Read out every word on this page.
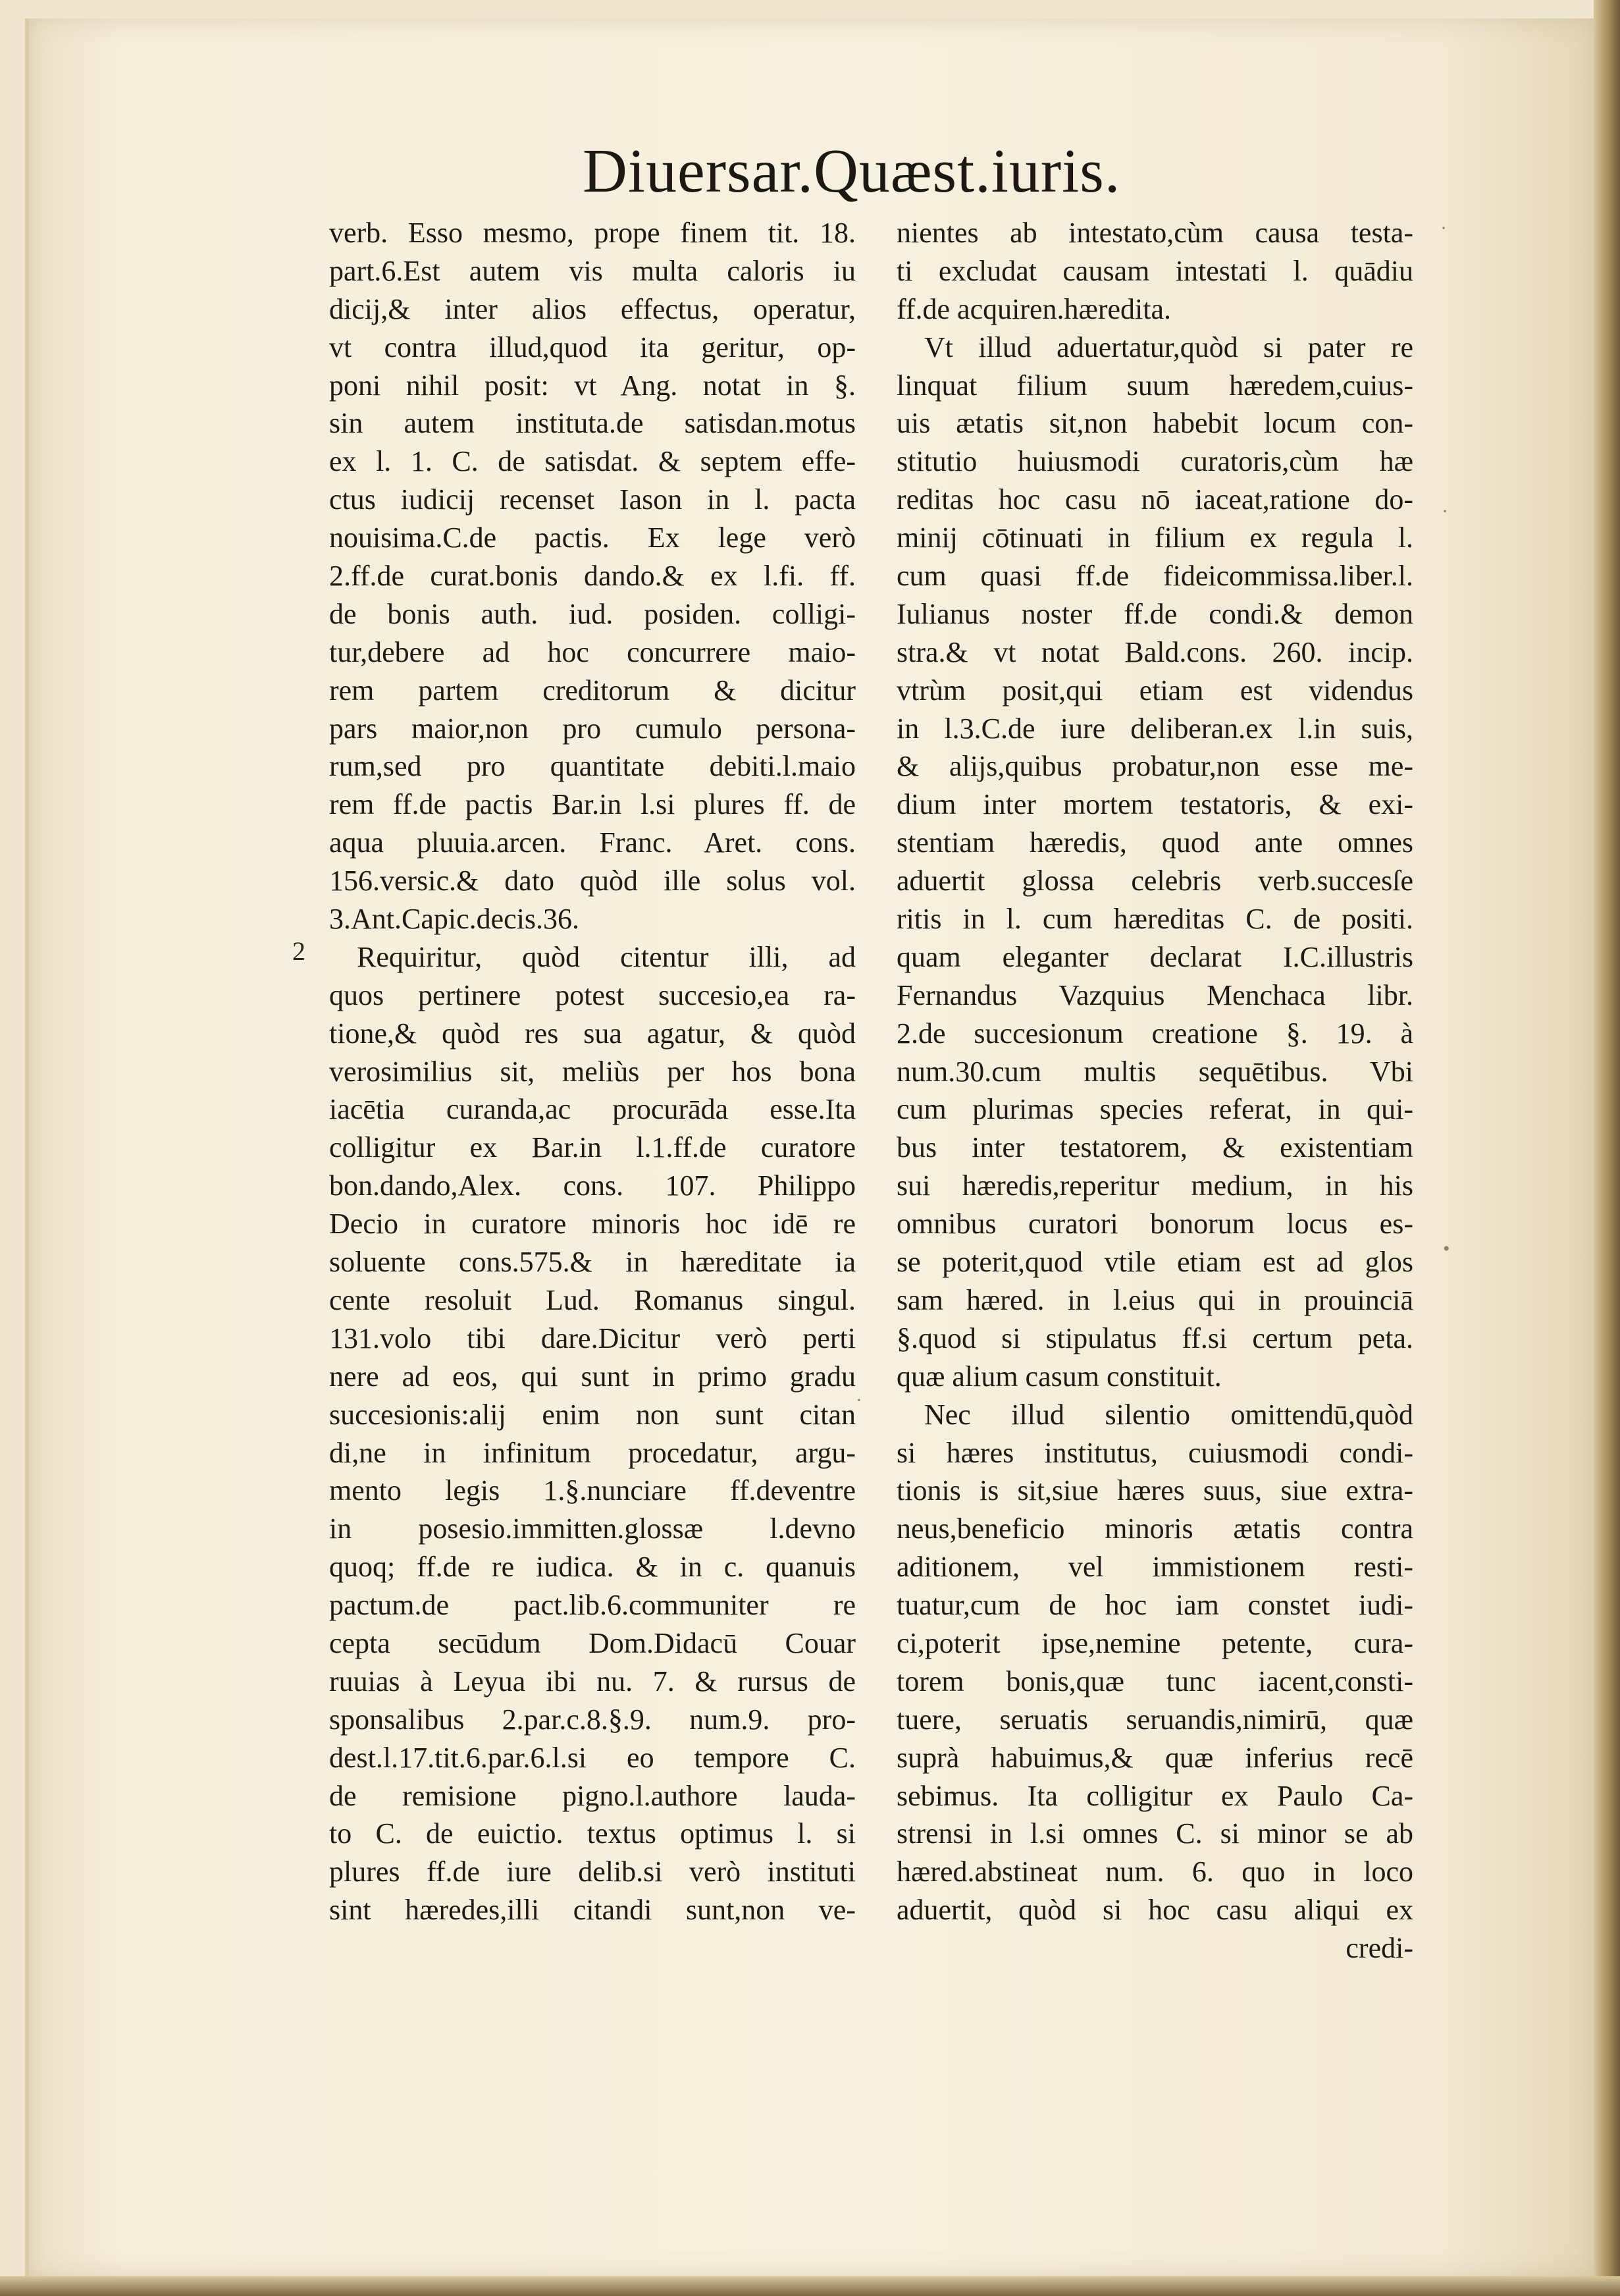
Diuersar.Quæst.iuris.
2
verb. Esso mesmo, prope finem tit. 18.
part.6.Est autem vis multa caloris iu
dicij,& inter alios effectus, operatur,
vt contra illud,quod ita geritur, op-
poni nihil posit: vt Ang. notat in §.
sin autem instituta.de satisdan.motus
ex l. 1. C. de satisdat. & septem effe-
ctus iudicij recenset Iason in l. pacta
nouisima.C.de pactis. Ex lege verò
2.ff.de curat.bonis dando.& ex l.fi. ff.
de bonis auth. iud. posiden. colligi-
tur,debere ad hoc concurrere maio-
rem partem creditorum & dicitur
pars maior,non pro cumulo persona-
rum,sed pro quantitate debiti.l.maio
rem ff.de pactis Bar.in l.si plures ff. de
aqua pluuia.arcen. Franc. Aret. cons.
156.versic.& dato quòd ille solus vol.
3.Ant.Capic.decis.36.
Requiritur, quòd citentur illi, ad
quos pertinere potest succesio,ea ra-
tione,& quòd res sua agatur, & quòd
verosimilius sit, meliùs per hos bona
iacētia curanda,ac procurāda esse.Ita
colligitur ex Bar.in l.1.ff.de curatore
bon.dando,Alex. cons. 107. Philippo
Decio in curatore minoris hoc idē re
soluente cons.575.& in hæreditate ia
cente resoluit Lud. Romanus singul.
131.volo tibi dare.Dicitur verò perti
nere ad eos, qui sunt in primo gradu
succesionis:alij enim non sunt citan
di,ne in infinitum procedatur, argu-
mento legis 1.§.nunciare ff.deventre
in posesio.immitten.glossæ l.devno
quoq; ff.de re iudica. & in c. quanuis
pactum.de pact.lib.6.communiter re
cepta secūdum Dom.Didacū Couar
ruuias à Leyua ibi nu. 7. & rursus de
sponsalibus 2.par.c.8.§.9. num.9. pro-
dest.l.17.tit.6.par.6.l.si eo tempore C.
de remisione pigno.l.authore lauda-
to C. de euictio. textus optimus l. si
plures ff.de iure delib.si verò instituti
sint hæredes,illi citandi sunt,non ve-
nientes ab intestato,cùm causa testa-
ti excludat causam intestati l. quādiu
ff.de acquiren.hæredita.
Vt illud aduertatur,quòd si pater re
linquat filium suum hæredem,cuius-
uis ætatis sit,non habebit locum con-
stitutio huiusmodi curatoris,cùm hæ
reditas hoc casu nō iaceat,ratione do-
minij cōtinuati in filium ex regula l.
cum quasi ff.de fideicommissa.liber.l.
Iulianus noster ff.de condi.& demon
stra.& vt notat Bald.cons. 260. incip.
vtrùm posit,qui etiam est videndus
in l.3.C.de iure deliberan.ex l.in suis,
& alijs,quibus probatur,non esse me-
dium inter mortem testatoris, & exi-
stentiam hæredis, quod ante omnes
aduertit glossa celebris verb.succesſe
ritis in l. cum hæreditas C. de positi.
quam eleganter declarat I.C.illustris
Fernandus Vazquius Menchaca libr.
2.de succesionum creatione §. 19. à
num.30.cum multis sequētibus. Vbi
cum plurimas species referat, in qui-
bus inter testatorem, & existentiam
sui hæredis,reperitur medium, in his
omnibus curatori bonorum locus es-
se poterit,quod vtile etiam est ad glos
sam hæred. in l.eius qui in prouinciā
§.quod si stipulatus ff.si certum peta.
quæ alium casum constituit.
Nec illud silentio omittendū,quòd
si hæres institutus, cuiusmodi condi-
tionis is sit,siue hæres suus, siue extra-
neus,beneficio minoris ætatis contra
aditionem, vel immistionem resti-
tuatur,cum de hoc iam constet iudi-
ci,poterit ipse,nemine petente, cura-
torem bonis,quæ tunc iacent,consti-
tuere, seruatis seruandis,nimirū, quæ
suprà habuimus,& quæ inferius recē
sebimus. Ita colligitur ex Paulo Ca-
strensi in l.si omnes C. si minor se ab
hæred.abstineat num. 6. quo in loco
aduertit, quòd si hoc casu aliqui ex
credi-
·
·
•
·
